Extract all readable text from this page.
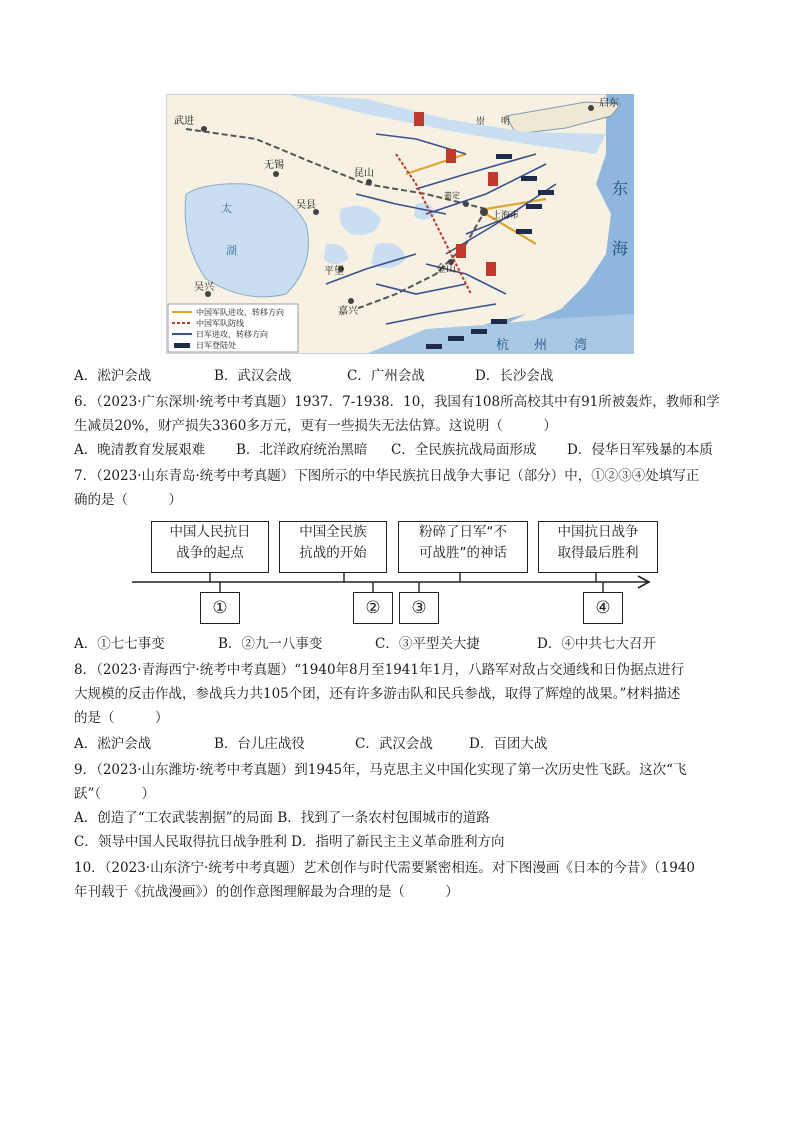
武进
无锡
启东
昆山
吴县
嘉定
上海市
金山
平望
嘉兴
吴兴
崇 明
太
湖
东
海
杭 州 湾
中国军队进攻、转移方向
中国军队防线
日军进攻、转移方向
日军登陆处
A．淞沪会战	B．武汉会战	C．广州会战	D．长沙会战
6．（2023·广东深圳·统考中考真题）1937．7-1938．10，我国有108所高校其中有91所被轰炸，教师和学
生减员20%，财产损失3360多万元，更有一些损失无法估算。这说明（　　　）
A．晚清教育发展艰难 B．北洋政府统治黑暗 C．全民族抗战局面形成 D．侵华日军残暴的本质
7．（2023·山东青岛·统考中考真题）下图所示的中华民族抗日战争大事记（部分）中，①②③④处填写正
确的是（　　　）
中国人民抗日
战争的起点
中国全民族
抗战的开始
粉碎了日军“不
可战胜”的神话
中国抗日战争
取得最后胜利
①	②	③	④
A．①七七事变	B．②九一八事变	C．③平型关大捷	D．④中共七大召开
8．（2023·青海西宁·统考中考真题）“1940年8月至1941年1月，八路军对敌占交通线和日伪据点进行
大规模的反击作战，参战兵力共105个团，还有许多游击队和民兵参战，取得了辉煌的战果。”材料描述
的是（　　　）
A．淞沪会战	B．台儿庄战役	C．武汉会战	D．百团大战
9．（2023·山东潍坊·统考中考真题）到1945年，马克思主义中国化实现了第一次历史性飞跃。这次“飞
跃”（　　　）
A．创造了“工农武装割据”的局面 B．找到了一条农村包围城市的道路
C．领导中国人民取得抗日战争胜利 D．指明了新民主主义革命胜利方向
10．（2023·山东济宁·统考中考真题）艺术创作与时代需要紧密相连。对下图漫画《日本的今昔》（1940
年刊载于《抗战漫画》）的创作意图理解最为合理的是（　　　）
